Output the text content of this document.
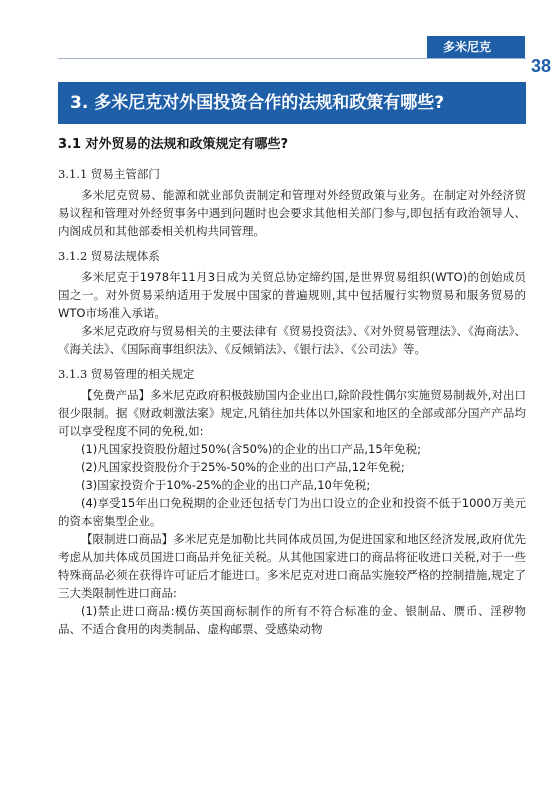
多米尼克
38
3. 多米尼克对外国投资合作的法规和政策有哪些?
3.1 对外贸易的法规和政策规定有哪些?
3.1.1 贸易主管部门

多米尼克贸易、能源和就业部负责制定和管理对外经贸政策与业务。在制定对外经济贸易议程和管理对外经贸事务中遇到问题时也会要求其他相关部门参与,即包括有政治领导人、内阁成员和其他部委相关机构共同管理。

3.1.2 贸易法规体系

多米尼克于1978年11月3日成为关贸总协定缔约国,是世界贸易组织(WTO)的创始成员国之一。对外贸易采纳适用于发展中国家的普遍规则,其中包括履行实物贸易和服务贸易的WTO市场准入承诺。

多米尼克政府与贸易相关的主要法律有《贸易投资法》、《对外贸易管理法》、《海商法》、《海关法》、《国际商事组织法》、《反倾销法》、《银行法》、《公司法》等。

3.1.3 贸易管理的相关规定

【免费产品】多米尼克政府积极鼓励国内企业出口,除阶段性偶尔实施贸易制裁外,对出口很少限制。据《财政刺激法案》规定,凡销往加共体以外国家和地区的全部或部分国产产品均可以享受程度不同的免税,如:

(1)凡国家投资股份超过50%(含50%)的企业的出口产品,15年免税;

(2)凡国家投资股份介于25%-50%的企业的出口产品,12年免税;

(3)国家投资介于10%-25%的企业的出口产品,10年免税;

(4)享受15年出口免税期的企业还包括专门为出口设立的企业和投资不低于1000万美元的资本密集型企业。

【限制进口商品】多米尼克是加勒比共同体成员国,为促进国家和地区经济发展,政府优先考虑从加共体成员国进口商品并免征关税。从其他国家进口的商品将征收进口关税,对于一些特殊商品必须在获得许可证后才能进口。多米尼克对进口商品实施较严格的控制措施,规定了三大类限制性进口商品:

(1)禁止进口商品:模仿英国商标制作的所有不符合标准的金、银制品、赝币、淫秽物品、不适合食用的肉类制品、虚构邮票、受感染动物
